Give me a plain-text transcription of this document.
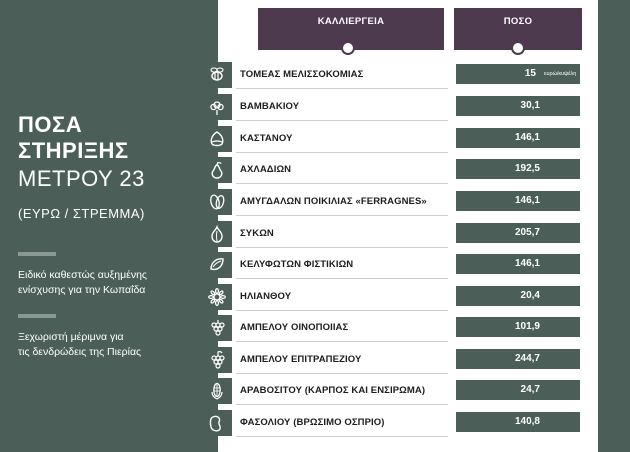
ΠΟΣΑ
ΣΤΗΡΙΞΗΣ
ΜΕΤΡΟΥ 23
(ΕΥΡΩ / ΣΤΡΕΜΜΑ)
Ειδικό καθεστώς αυξημένης
ενίσχυσης για την Κωπαΐδα
Ξεχωριστή μέριμνα για
τις δενδρώδεις της Πιερίας
ΚΑΛΛΙΕΡΓΕΙΑ	ΠΟΣΟ
ΤΟΜΕΑΣ ΜΕΛΙΣΣΟΚΟΜΙΑΣ	15 ευρώ/κυψέλη
ΒΑΜΒΑΚΙΟΥ	30,1
ΚΑΣΤΑΝΟΥ	146,1
ΑΧΛΑΔΙΩΝ	192,5
ΑΜΥΓΔΑΛΩΝ ΠΟΙΚΙΛΙΑΣ «FERRAGNES»	146,1
ΣΥΚΩΝ	205,7
ΚΕΛΥΦΩΤΩΝ ΦΙΣΤΙΚΙΩΝ	146,1
ΗΛΙΑΝΘΟΥ	20,4
ΑΜΠΕΛΟΥ ΟΙΝΟΠΟΙΙΑΣ	101,9
ΑΜΠΕΛΟΥ ΕΠΙΤΡΑΠΕΖΙΟΥ	244,7
ΑΡΑΒΟΣΙΤΟΥ (ΚΑΡΠΟΣ ΚΑΙ ΕΝΣΙΡΩΜΑ)	24,7
ΦΑΣΟΛΙΟΥ (ΒΡΩΣΙΜΟ ΟΣΠΡΙΟ)	140,8
